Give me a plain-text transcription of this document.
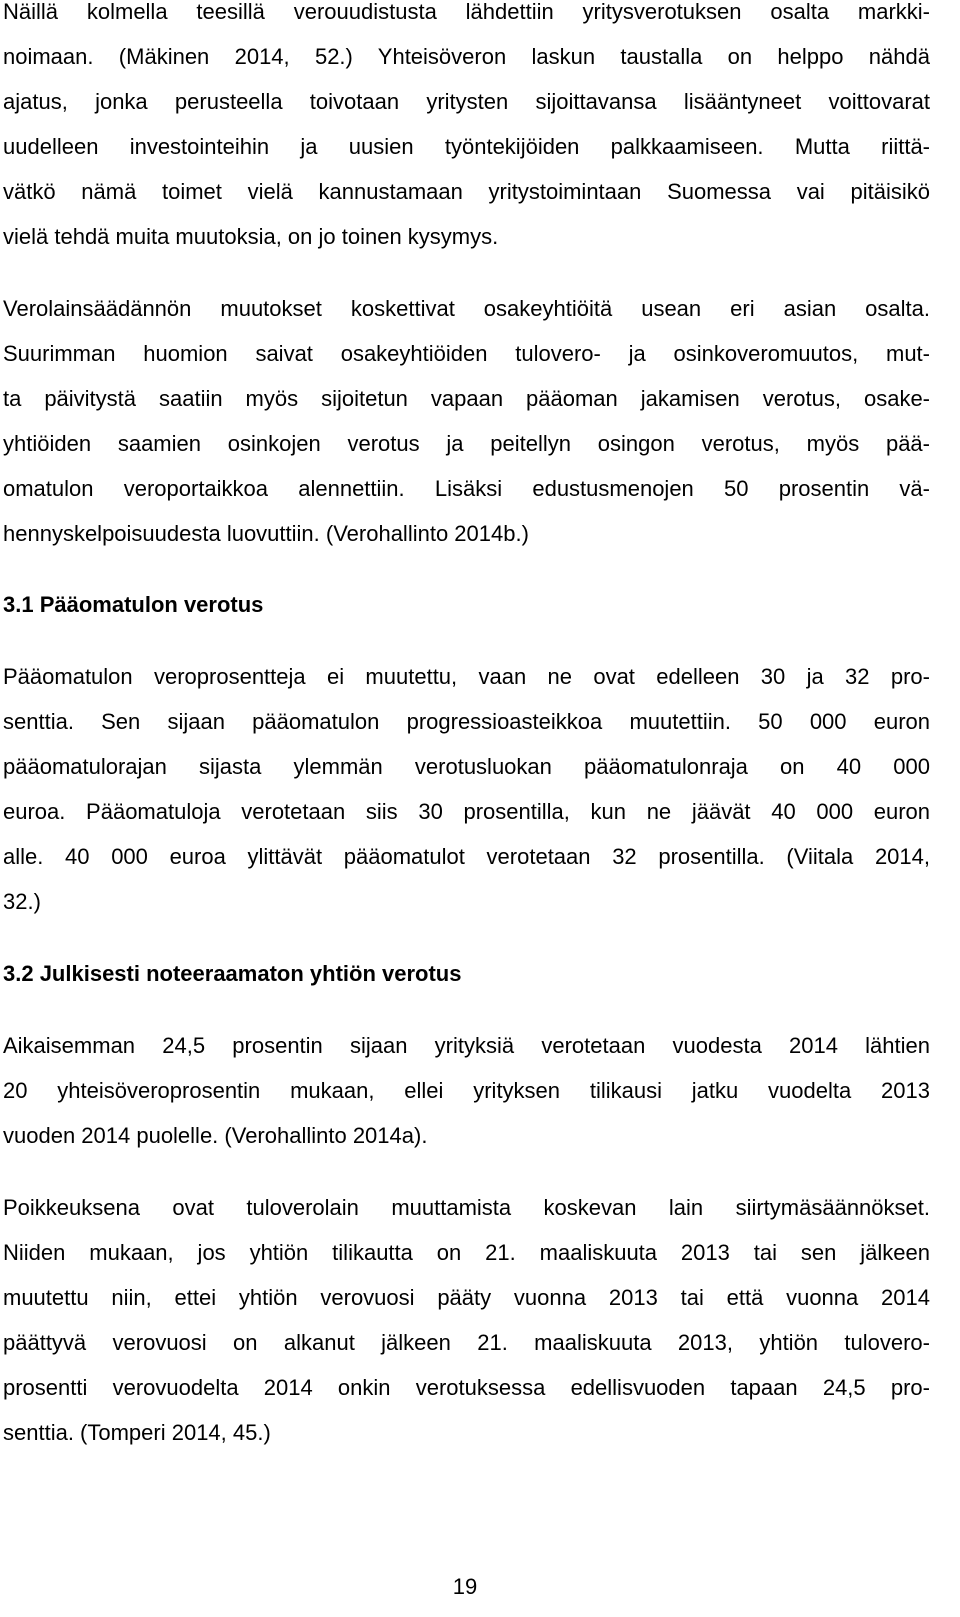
Näillä kolmella teesillä verouudistusta lähdettiin yritysverotuksen osalta markki-
noimaan. (Mäkinen 2014, 52.) Yhteisöveron laskun taustalla on helppo nähdä
ajatus, jonka perusteella toivotaan yritysten sijoittavansa lisääntyneet voittovarat
uudelleen investointeihin ja uusien työntekijöiden palkkaamiseen. Mutta riittä-
vätkö nämä toimet vielä kannustamaan yritystoimintaan Suomessa vai pitäisikö
vielä tehdä muita muutoksia, on jo toinen kysymys.
Verolainsäädännön muutokset koskettivat osakeyhtiöitä usean eri asian osalta.
Suurimman huomion saivat osakeyhtiöiden tulovero- ja osinkoveromuutos, mut-
ta päivitystä saatiin myös sijoitetun vapaan pääoman jakamisen verotus, osake-
yhtiöiden saamien osinkojen verotus ja peitellyn osingon verotus, myös pää-
omatulon veroportaikkoa alennettiin. Lisäksi edustusmenojen 50 prosentin vä-
hennyskelpoisuudesta luovuttiin. (Verohallinto 2014b.)
3.1 Pääomatulon verotus
Pääomatulon veroprosentteja ei muutettu, vaan ne ovat edelleen 30 ja 32 pro-
senttia. Sen sijaan pääomatulon progressioasteikkoa muutettiin. 50 000 euron
pääomatulorajan sijasta ylemmän verotusluokan pääomatulonraja on 40 000
euroa. Pääomatuloja verotetaan siis 30 prosentilla, kun ne jäävät 40 000 euron
alle. 40 000 euroa ylittävät pääomatulot verotetaan 32 prosentilla. (Viitala 2014,
32.)
3.2 Julkisesti noteeraamaton yhtiön verotus
Aikaisemman 24,5 prosentin sijaan yrityksiä verotetaan vuodesta 2014 lähtien
20 yhteisöveroprosentin mukaan, ellei yrityksen tilikausi jatku vuodelta 2013
vuoden 2014 puolelle. (Verohallinto 2014a).
Poikkeuksena ovat tuloverolain muuttamista koskevan lain siirtymäsäännökset.
Niiden mukaan, jos yhtiön tilikautta on 21. maaliskuuta 2013 tai sen jälkeen
muutettu niin, ettei yhtiön verovuosi pääty vuonna 2013 tai että vuonna 2014
päättyvä verovuosi on alkanut jälkeen 21. maaliskuuta 2013, yhtiön tulovero-
prosentti verovuodelta 2014 onkin verotuksessa edellisvuoden tapaan 24,5 pro-
senttia. (Tomperi 2014, 45.)
19
